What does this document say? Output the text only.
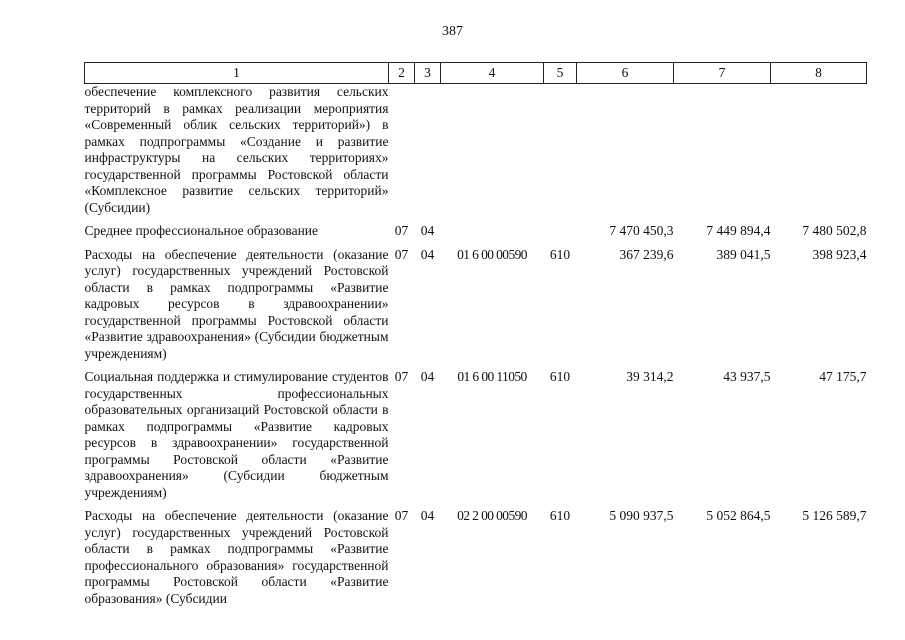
387
1	2	3	4	5	6	7	8
обеспечение комплексного развития сельских территорий в рамках реализации мероприятия «Современный облик сельских территорий») в рамках подпрограммы «Создание и развитие инфраструктуры на сельских территориях» государственной программы Ростовской области «Комплексное развитие сельских территорий» (Субсидии)							
Среднее профессиональное образование	07	04			7 470 450,3	7 449 894,4	7 480 502,8
Расходы на обеспечение деятельности (оказание услуг) государственных учреждений Ростовской области в рамках подпрограммы «Развитие кадровых ресурсов в здравоохранении» государственной программы Ростовской области «Развитие здравоохранения» (Субсидии бюджетным учреждениям)	07	04	01 6 00 00590	610	367 239,6	389 041,5	398 923,4
Социальная поддержка и стимулирование студентов государственных профессиональных образовательных организаций Ростовской области в рамках подпрограммы «Развитие кадровых ресурсов в здравоохранении» государственной программы Ростовской области «Развитие здравоохранения» (Субсидии бюджетным учреждениям)	07	04	01 6 00 11050	610	39 314,2	43 937,5	47 175,7
Расходы на обеспечение деятельности (оказание услуг) государственных учреждений Ростовской области в рамках подпрограммы «Развитие профессионального образования» государственной программы Ростовской области «Развитие образования» (Субсидии	07	04	02 2 00 00590	610	5 090 937,5	5 052 864,5	5 126 589,7
